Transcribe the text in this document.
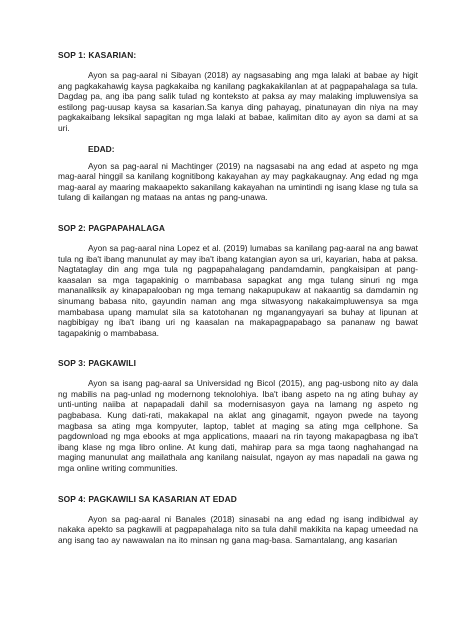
SOP 1: KASARIAN:

Ayon sa pag-aaral ni Sibayan (2018) ay nagsasabing ang mga lalaki at babae ay higit ang pagkakahawig kaysa pagkakaiba ng kanilang pagkakakilanlan at at pagpapahalaga sa tula. Dagdag pa, ang iba pang salik tulad ng konteksto at paksa ay may malaking impluwensiya sa estilong pag-uusap kaysa sa kasarian.Sa kanya ding pahayag, pinatunayan din niya na may pagkakaibang leksikal sapagitan ng mga lalaki at babae, kalimitan dito ay ayon sa dami at sa uri.

EDAD:

Ayon sa pag-aaral ni Machtinger (2019) na nagsasabi na ang edad at aspeto ng mga mag-aaral hinggil sa kanilang kognitibong kakayahan ay may pagkakaugnay. Ang edad ng mga mag-aaral ay maaring makaapekto sakanilang kakayahan na umintindi ng isang klase ng tula sa tulang di kailangan ng mataas na antas ng pang-unawa.

SOP 2: PAGPAPAHALAGA

Ayon sa pag-aaral nina Lopez et al. (2019) lumabas sa kanilang pag-aaral na ang bawat tula ng iba't ibang manunulat ay may iba't ibang katangian ayon sa uri, kayarian, haba at paksa. Nagtataglay din ang mga tula ng pagpapahalagang pandamdamin, pangkaisipan at pang-kaasalan sa mga tagapakinig o mambabasa sapagkat ang mga tulang sinuri ng mga mananaliksik ay kinapapalooban ng mga temang nakapupukaw at nakaantig sa damdamin ng sinumang babasa nito, gayundin naman ang mga sitwasyong nakakaimpluwensya sa mga mambabasa upang mamulat sila sa katotohanan ng mganangyayari sa buhay at lipunan at nagbibigay ng iba't ibang uri ng kaasalan na makapagpapabago sa pananaw ng bawat tagapakinig o mambabasa.

SOP 3: PAGKAWILI

Ayon sa isang pag-aaral sa Universidad ng Bicol (2015), ang pag-usbong nito ay dala ng mabilis na pag-unlad ng modernong teknolohiya. Iba't ibang aspeto na ng ating buhay ay unti-unting naiiba at napapadali dahil sa modernisasyon gaya na lamang ng aspeto ng pagbabasa. Kung dati-rati, makakapal na aklat ang ginagamit, ngayon pwede na tayong magbasa sa ating mga kompyuter, laptop, tablet at maging sa ating mga cellphone. Sa pagdownload ng mga ebooks at mga applications, maaari na rin tayong makapagbasa ng iba't ibang klase ng mga libro online. At kung dati, mahirap para sa mga taong naghahangad na maging manunulat ang mailathala ang kanilang naisulat, ngayon ay mas napadali na gawa ng mga online writing communities.

SOP 4: PAGKAWILI SA KASARIAN AT EDAD

Ayon sa pag-aaral ni Banales (2018) sinasabi na ang edad ng isang indibidwal ay nakaka apekto sa pagkawili at pagpapahalaga nito sa tula dahil makikita na kapag umeedad na ang isang tao ay nawawalan na ito minsan ng gana mag-basa. Samantalang, ang kasarian
